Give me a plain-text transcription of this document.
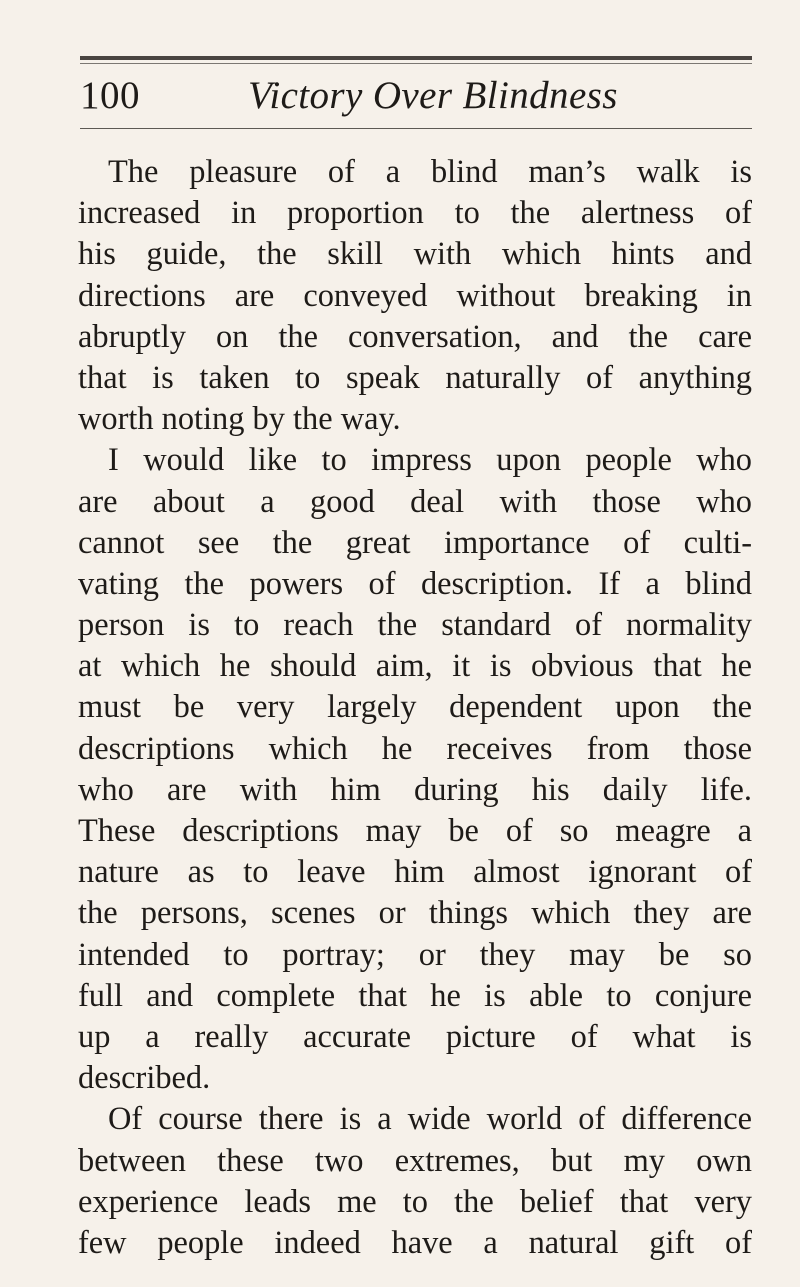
100	Victory Over Blindness
The pleasure of a blind man’s walk is
increased in proportion to the alertness of
his guide, the skill with which hints and
directions are conveyed without breaking in
abruptly on the conversation, and the care
that is taken to speak naturally of anything
worth noting by the way.
I would like to impress upon people who
are about a good deal with those who
cannot see the great importance of culti-
vating the powers of description. If a blind
person is to reach the standard of normality
at which he should aim, it is obvious that he
must be very largely dependent upon the
descriptions which he receives from those
who are with him during his daily life.
These descriptions may be of so meagre a
nature as to leave him almost ignorant of
the persons, scenes or things which they are
intended to portray; or they may be so
full and complete that he is able to conjure
up a really accurate picture of what is
described.
Of course there is a wide world of difference
between these two extremes, but my own
experience leads me to the belief that very
few people indeed have a natural gift of
